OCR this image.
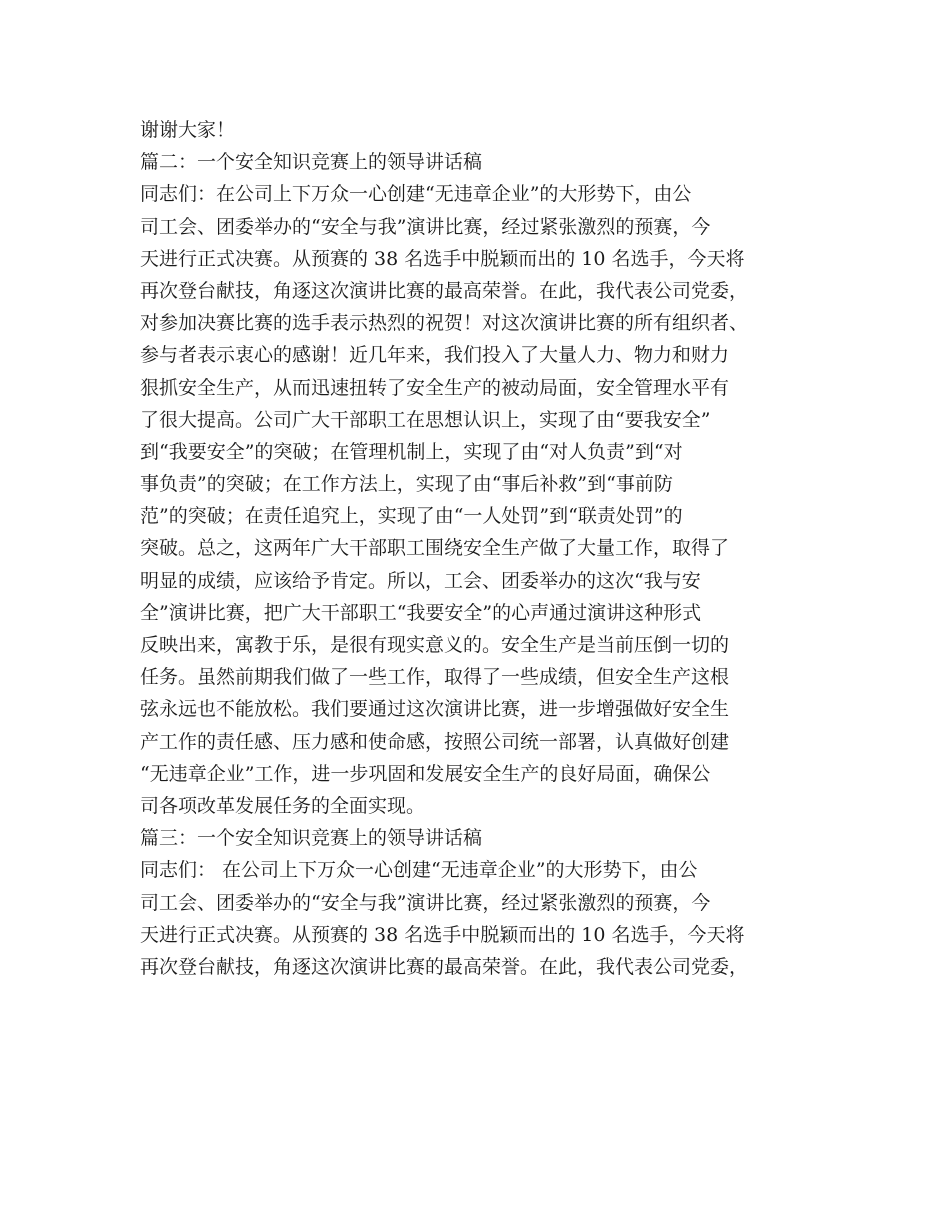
谢谢大家！
篇二：一个安全知识竞赛上的领导讲话稿
同志们：在公司上下万众一心创建“无违章企业”的大形势下，由公
司工会、团委举办的“安全与我”演讲比赛，经过紧张激烈的预赛，今
天进行正式决赛。从预赛的 38 名选手中脱颖而出的 10 名选手，今天将
再次登台献技，角逐这次演讲比赛的最高荣誉。在此，我代表公司党委，
对参加决赛比赛的选手表示热烈的祝贺！对这次演讲比赛的所有组织者、
参与者表示衷心的感谢！近几年来，我们投入了大量人力、物力和财力
狠抓安全生产，从而迅速扭转了安全生产的被动局面，安全管理水平有
了很大提高。公司广大干部职工在思想认识上，实现了由“要我安全”
到“我要安全”的突破；在管理机制上，实现了由“对人负责”到“对
事负责”的突破；在工作方法上，实现了由“事后补救”到“事前防
范”的突破；在责任追究上，实现了由“一人处罚”到“联责处罚”的
突破。总之，这两年广大干部职工围绕安全生产做了大量工作，取得了
明显的成绩，应该给予肯定。所以，工会、团委举办的这次“我与安
全”演讲比赛，把广大干部职工“我要安全”的心声通过演讲这种形式
反映出来，寓教于乐，是很有现实意义的。安全生产是当前压倒一切的
任务。虽然前期我们做了一些工作，取得了一些成绩，但安全生产这根
弦永远也不能放松。我们要通过这次演讲比赛，进一步增强做好安全生
产工作的责任感、压力感和使命感，按照公司统一部署，认真做好创建
“无违章企业”工作，进一步巩固和发展安全生产的良好局面，确保公
司各项改革发展任务的全面实现。
篇三：一个安全知识竞赛上的领导讲话稿
同志们： 在公司上下万众一心创建“无违章企业”的大形势下，由公
司工会、团委举办的“安全与我”演讲比赛，经过紧张激烈的预赛，今
天进行正式决赛。从预赛的 38 名选手中脱颖而出的 10 名选手，今天将
再次登台献技，角逐这次演讲比赛的最高荣誉。在此，我代表公司党委，
